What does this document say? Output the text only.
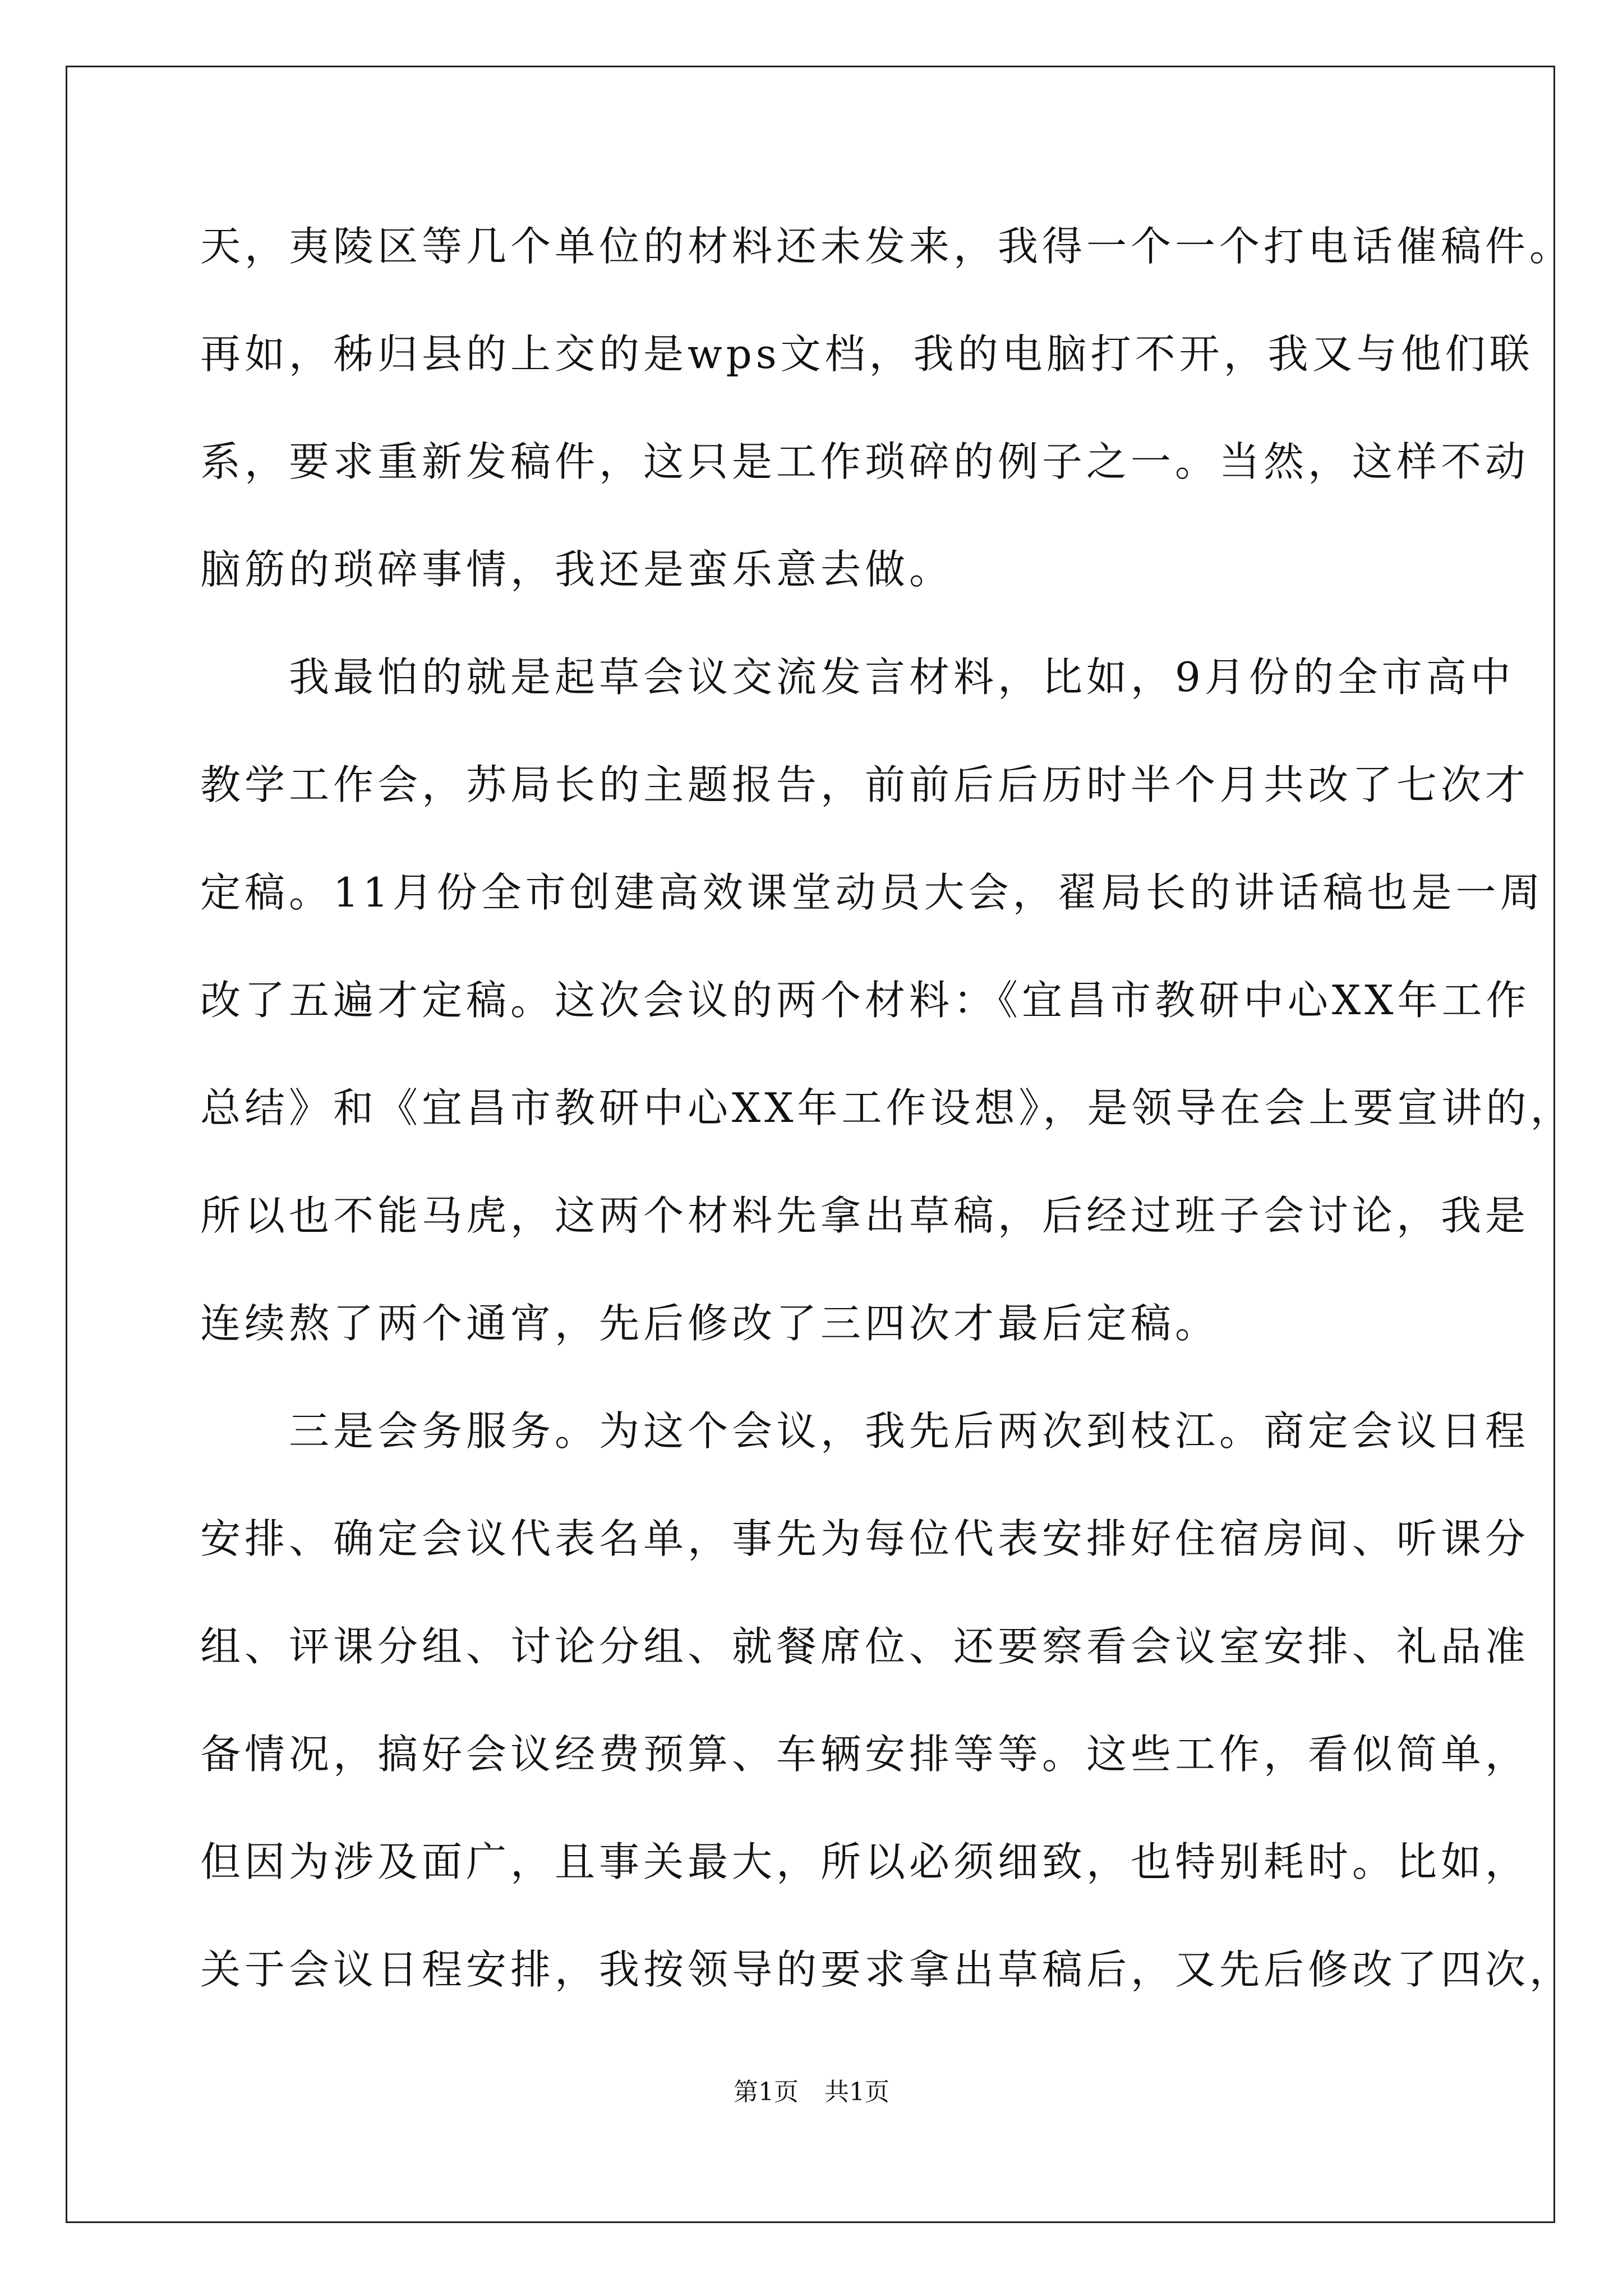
天，夷陵区等几个单位的材料还未发来，我得一个一个打电话催稿件。
再如，秭归县的上交的是wps文档，我的电脑打不开，我又与他们联
系，要求重新发稿件，这只是工作琐碎的例子之一。当然，这样不动
脑筋的琐碎事情，我还是蛮乐意去做。
　　我最怕的就是起草会议交流发言材料，比如，9月份的全市高中
教学工作会，苏局长的主题报告，前前后后历时半个月共改了七次才
定稿。11月份全市创建高效课堂动员大会，翟局长的讲话稿也是一周
改了五遍才定稿。这次会议的两个材料：《宜昌市教研中心XX年工作
总结》和《宜昌市教研中心XX年工作设想》，是领导在会上要宣讲的，
所以也不能马虎，这两个材料先拿出草稿，后经过班子会讨论，我是
连续熬了两个通宵，先后修改了三四次才最后定稿。
　　三是会务服务。为这个会议，我先后两次到枝江。商定会议日程
安排、确定会议代表名单，事先为每位代表安排好住宿房间、听课分
组、评课分组、讨论分组、就餐席位、还要察看会议室安排、礼品准
备情况，搞好会议经费预算、车辆安排等等。这些工作，看似简单，
但因为涉及面广，且事关最大，所以必须细致，也特别耗时。比如，
关于会议日程安排，我按领导的要求拿出草稿后，又先后修改了四次，
第1页 共1页
